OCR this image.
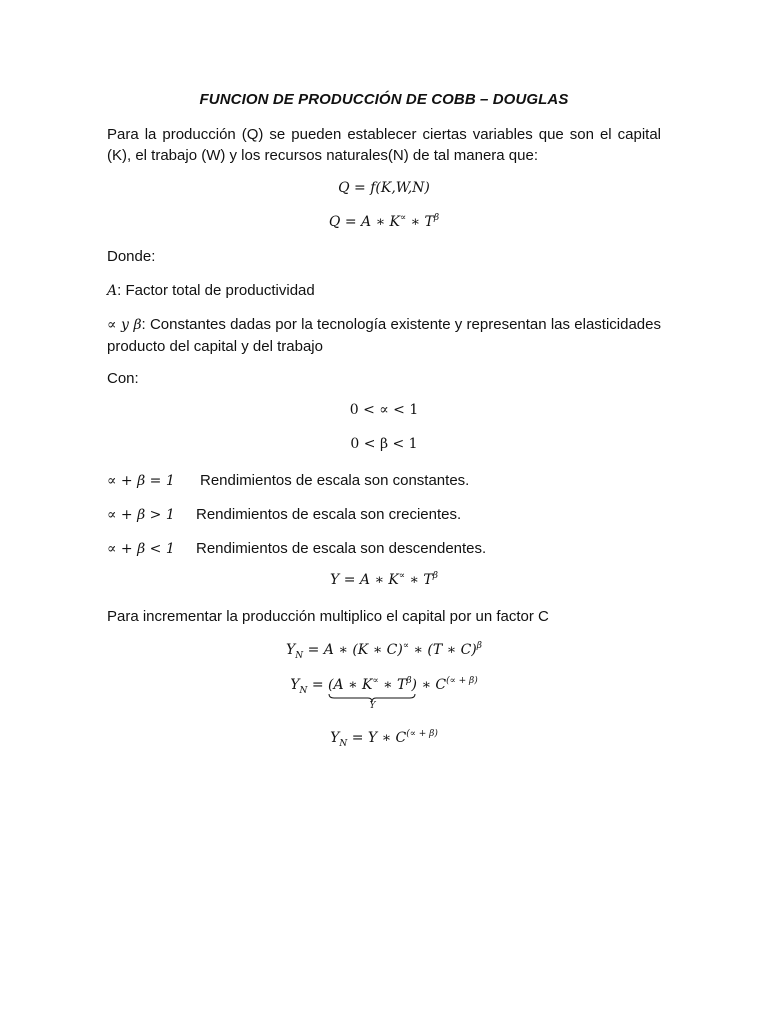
FUNCION DE PRODUCCIÓN DE COBB – DOUGLAS
Para la producción (Q) se pueden establecer ciertas variables que son el capital (K), el trabajo (W) y los recursos naturales(N) de tal manera que:
Q = f(K,W,N)
Q = A ∗ K∝ ∗ $T^\beta$
Donde:
A: Factor total de productividad
∝ y β: Constantes dadas por la tecnología existente y representan las elasticidades producto del capital y del trabajo
Con:
0 < ∝ < 1
0 < β < 1
∝ + β = 1 Rendimientos de escala son constantes.
∝ + β > 1 Rendimientos de escala son crecientes.
∝ + β < 1 Rendimientos de escala son descendentes.
Y = A ∗ K∝ ∗ $T^\beta$
Para incrementar la producción multiplico el capital por un factor C
$Y_N = A$ ∗ (K ∗ C)∝ ∗ (T ∗ C)$^\beta$
$Y_N = (A$ ∗ K∝ ∗ $T^\beta$)
Y
∗ $C^{(\propto + \beta)}$
$Y_N = Y$ ∗ $C^{(\propto + \beta)}$
